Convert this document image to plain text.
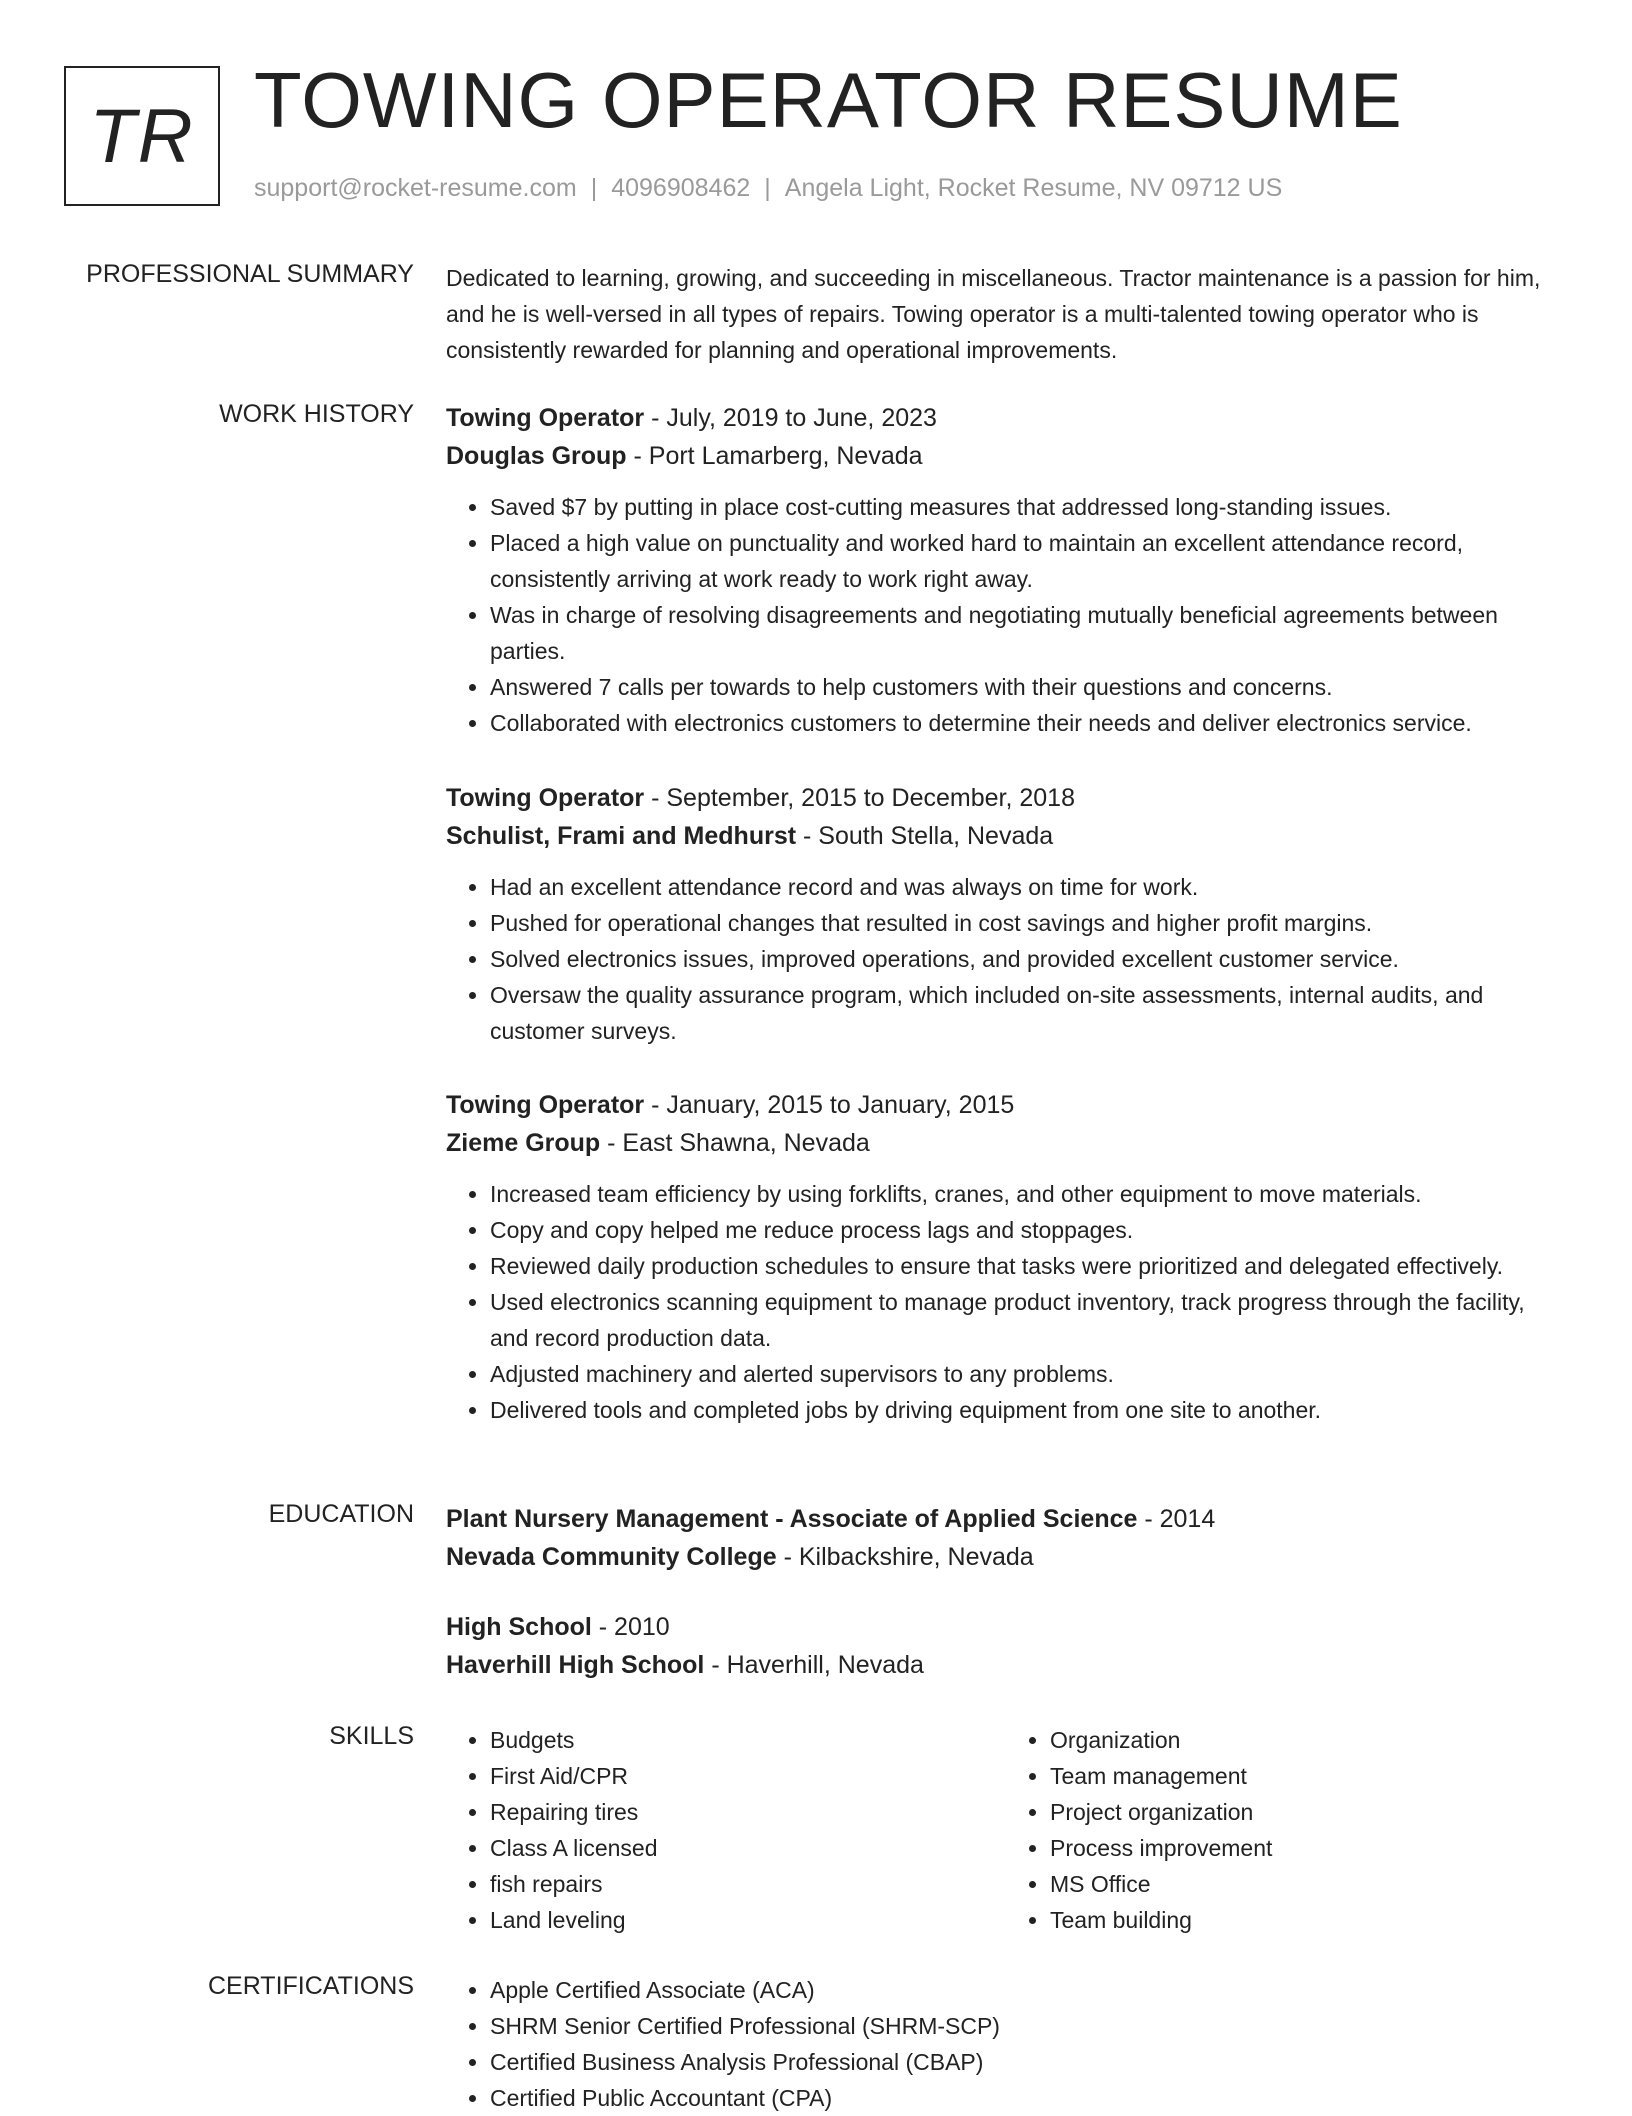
TR TOWING OPERATOR RESUME
support@rocket-resume.com | 4096908462 | Angela Light, Rocket Resume, NV 09712 US
PROFESSIONAL SUMMARY Dedicated to learning, growing, and succeeding in miscellaneous. Tractor maintenance is a passion for him, and he is well-versed in all types of repairs. Towing operator is a multi-talented towing operator who is consistently rewarded for planning and operational improvements.

WORK HISTORY Towing Operator - July, 2019 to June, 2023

Douglas Group - Port Lamarberg, Nevada

• Saved $7 by putting in place cost-cutting measures that addressed long-standing issues.
• Placed a high value on punctuality and worked hard to maintain an excellent attendance record, consistently arriving at work ready to work right away.
• Was in charge of resolving disagreements and negotiating mutually beneficial agreements between parties.
• Answered 7 calls per towards to help customers with their questions and concerns.
• Collaborated with electronics customers to determine their needs and deliver electronics service.

Towing Operator - September, 2015 to December, 2018

Schulist, Frami and Medhurst - South Stella, Nevada

• Had an excellent attendance record and was always on time for work.
• Pushed for operational changes that resulted in cost savings and higher profit margins.
• Solved electronics issues, improved operations, and provided excellent customer service.
• Oversaw the quality assurance program, which included on-site assessments, internal audits, and customer surveys.

Towing Operator - January, 2015 to January, 2015

Zieme Group - East Shawna, Nevada

• Increased team efficiency by using forklifts, cranes, and other equipment to move materials.
• Copy and copy helped me reduce process lags and stoppages.
• Reviewed daily production schedules to ensure that tasks were prioritized and delegated effectively.
• Used electronics scanning equipment to manage product inventory, track progress through the facility, and record production data.
• Adjusted machinery and alerted supervisors to any problems.
• Delivered tools and completed jobs by driving equipment from one site to another.
EDUCATION Plant Nursery Management - Associate of Applied Science - 2014

Nevada Community College - Kilbackshire, Nevada

High School - 2010

Haverhill High School - Haverhill, Nevada

SKILLS	• Budgets
• First Aid/CPR
• Repairing tires
• Class A licensed
• fish repairs
• Land leveling
• Organization
• Team management
• Project organization
• Process improvement
• MS Office
• Team building
CERTIFICATIONS	• Apple Certified Associate (ACA)
• SHRM Senior Certified Professional (SHRM-SCP)
• Certified Business Analysis Professional (CBAP)
• Certified Public Accountant (CPA)
